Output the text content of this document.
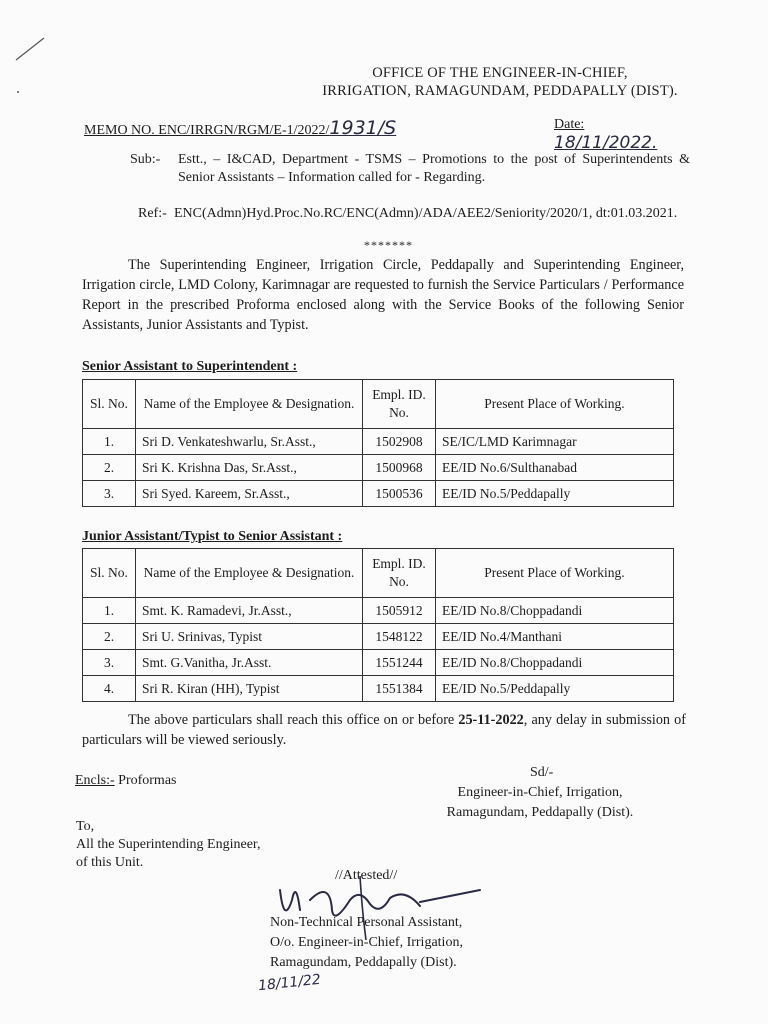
OFFICE OF THE ENGINEER-IN-CHIEF,
IRRIGATION, RAMAGUNDAM, PEDDAPALLY (DIST).
MEMO NO. ENC/IRRGN/RGM/E-1/2022/1931/S	Date: 18/11/2022.
Sub:- Estt., – I&CAD, Department - TSMS – Promotions to the post of Superintendents & Senior Assistants – Information called for - Regarding.
Ref:- ENC(Admn)Hyd.Proc.No.RC/ENC(Admn)/ADA/AEE2/Seniority/2020/1, dt:01.03.2021.
*******
The Superintending Engineer, Irrigation Circle, Peddapally and Superintending Engineer, Irrigation circle, LMD Colony, Karimnagar are requested to furnish the Service Particulars / Performance Report in the prescribed Proforma enclosed along with the Service Books of the following Senior Assistants, Junior Assistants and Typist.
Senior Assistant to Superintendent :
Sl. No.	Name of the Employee & Designation.	Empl. ID. No.	Present Place of Working.
1.	Sri D. Venkateshwarlu, Sr.Asst.,	1502908	SE/IC/LMD Karimnagar
2.	Sri K. Krishna Das, Sr.Asst.,	1500968	EE/ID No.6/Sulthanabad
3.	Sri Syed. Kareem, Sr.Asst.,	1500536	EE/ID No.5/Peddapally
Junior Assistant/Typist to Senior Assistant :
Sl. No.	Name of the Employee & Designation.	Empl. ID. No.	Present Place of Working.
1.	Smt. K. Ramadevi, Jr.Asst.,	1505912	EE/ID No.8/Choppadandi
2.	Sri U. Srinivas, Typist	1548122	EE/ID No.4/Manthani
3.	Smt. G.Vanitha, Jr.Asst.	1551244	EE/ID No.8/Choppadandi
4.	Sri R. Kiran (HH), Typist	1551384	EE/ID No.5/Peddapally
The above particulars shall reach this office on or before 25-11-2022, any delay in submission of particulars will be viewed seriously.
Encls:- Proformas
Sd/-
Engineer-in-Chief, Irrigation,
Ramagundam, Peddapally (Dist).
To,
All the Superintending Engineer,
of this Unit.
//Attested//
Non-Technical Personal Assistant,
O/o. Engineer-in-Chief, Irrigation,
Ramagundam, Peddapally (Dist).
18/11/22
